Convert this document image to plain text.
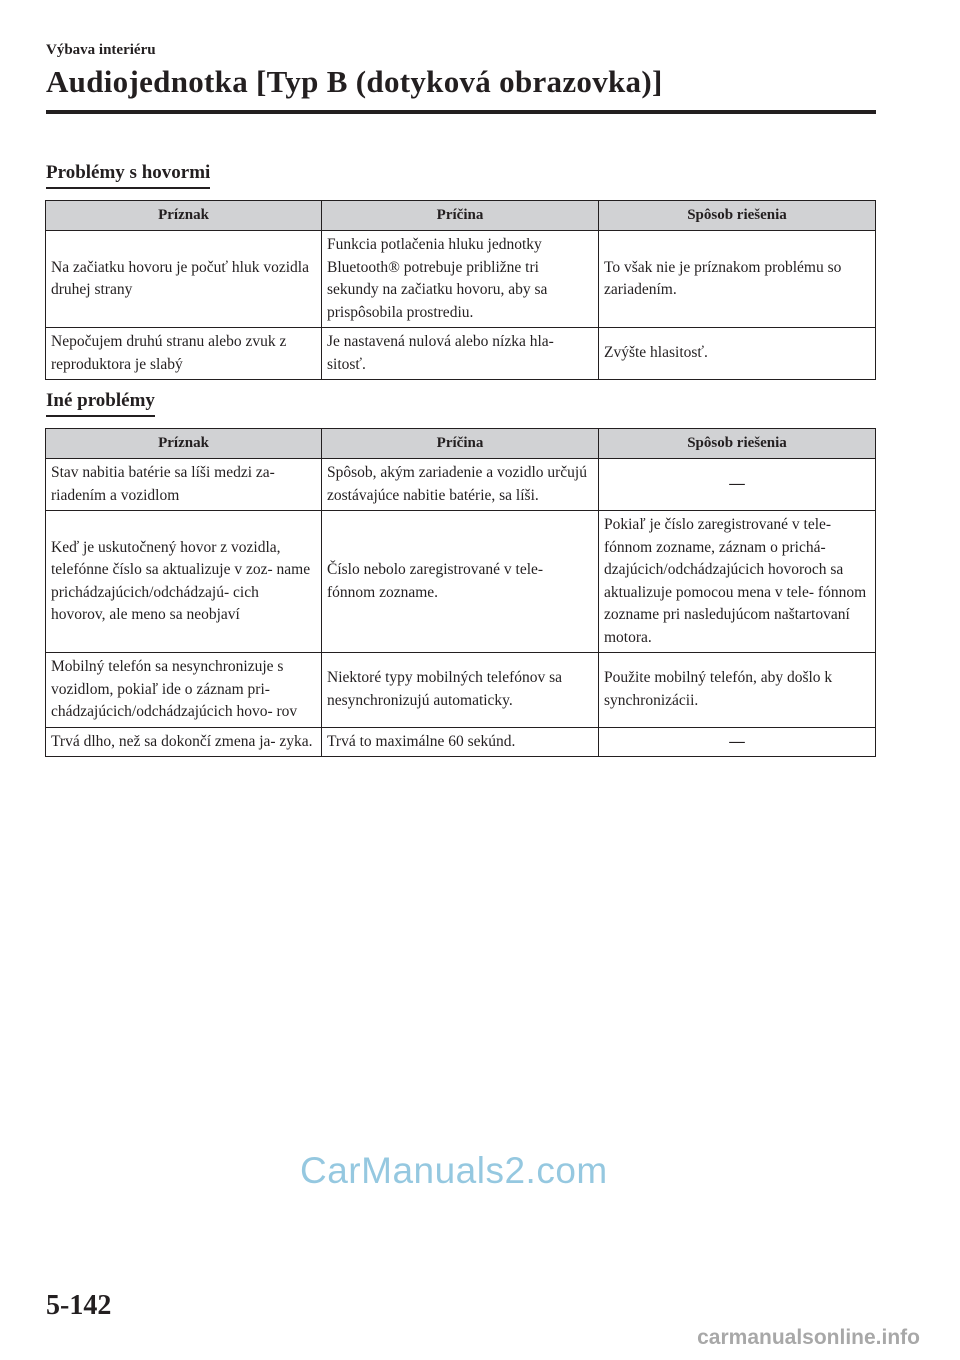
Výbava interiéru
Audiojednotka [Typ B (dotyková obrazovka)]
Problémy s hovormi
Príznak	Príčina	Spôsob riešenia
Na začiatku hovoru je počuť hluk vozidla druhej strany	Funkcia potlačenia hluku jednotky Bluetooth® potrebuje približne tri sekundy na začiatku hovoru, aby sa prispôsobila prostrediu.	To však nie je príznakom problému so zariadením.
Nepočujem druhú stranu alebo zvuk z reproduktora je slabý	Je nastavená nulová alebo nízka hla- sitosť.	Zvýšte hlasitosť.
Iné problémy
Príznak	Príčina	Spôsob riešenia
Stav nabitia batérie sa líši medzi za- riadením a vozidlom	Spôsob, akým zariadenie a vozidlo určujú zostávajúce nabitie batérie, sa líši.	―
Keď je uskutočnený hovor z vozidla, telefónne číslo sa aktualizuje v zoz- name prichádzajúcich/odchádzajú- cich hovorov, ale meno sa neobjaví	Číslo nebolo zaregistrované v tele- fónnom zozname.	Pokiaľ je číslo zaregistrované v tele- fónnom zozname, záznam o prichá- dzajúcich/odchádzajúcich hovoroch sa aktualizuje pomocou mena v tele- fónnom zozname pri nasledujúcom naštartovaní motora.
Mobilný telefón sa nesynchronizuje s vozidlom, pokiaľ ide o záznam pri- chádzajúcich/odchádzajúcich hovo- rov	Niektoré typy mobilných telefónov sa nesynchronizujú automaticky.	Použite mobilný telefón, aby došlo k synchronizácii.
Trvá dlho, než sa dokončí zmena ja- zyka.	Trvá to maximálne 60 sekúnd.	―
CarManuals2.com
5-142
carmanualsonline.info
